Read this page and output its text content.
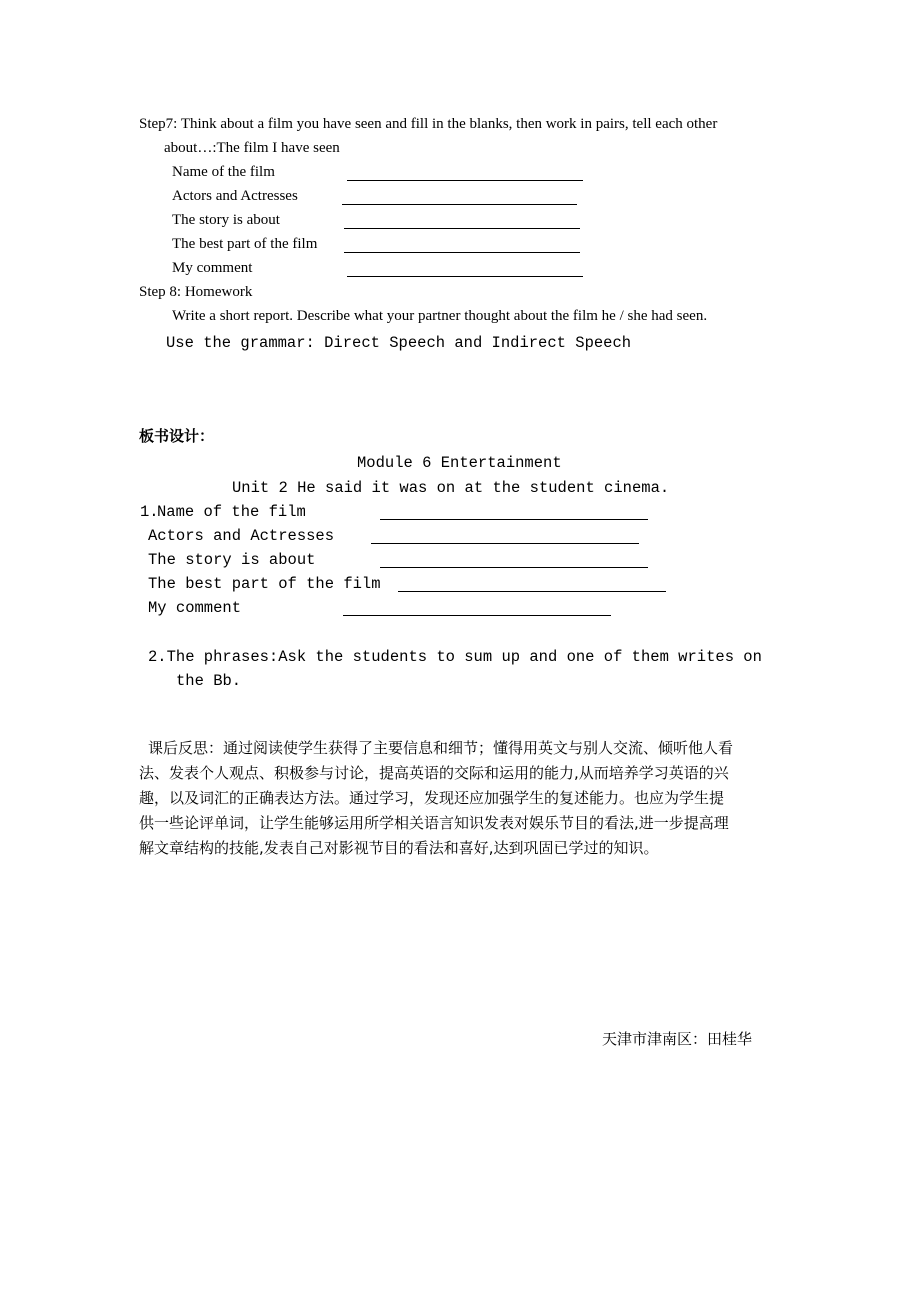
Step7: Think about a film you have seen and fill in the blanks, then work in pairs, tell each other
about…:The film I have seen
Name of the film
Actors and Actresses
The story is about
The best part of the film
My comment
Step 8: Homework
Write a short report. Describe what your partner thought about the film he / she had seen.
Use the grammar: Direct Speech and Indirect Speech
板书设计：
Module 6 Entertainment
Unit 2 He said it was on at the student cinema.
1.
Name of the film
Actors and Actresses
The story is about
The best part of the film
My comment
2.The phrases:Ask the students to sum up and one of them writes on
the Bb.
课后反思：通过阅读使学生获得了主要信息和细节；懂得用英文与别人交流、倾听他人看
法、发表个人观点、积极参与讨论，提高英语的交际和运用的能力,从而培养学习英语的兴
趣，以及词汇的正确表达方法。通过学习，发现还应加强学生的复述能力。也应为学生提
供一些论评单词，让学生能够运用所学相关语言知识发表对娱乐节目的看法,进一步提高理
解文章结构的技能,发表自己对影视节目的看法和喜好,达到巩固已学过的知识。
天津市津南区：田桂华
